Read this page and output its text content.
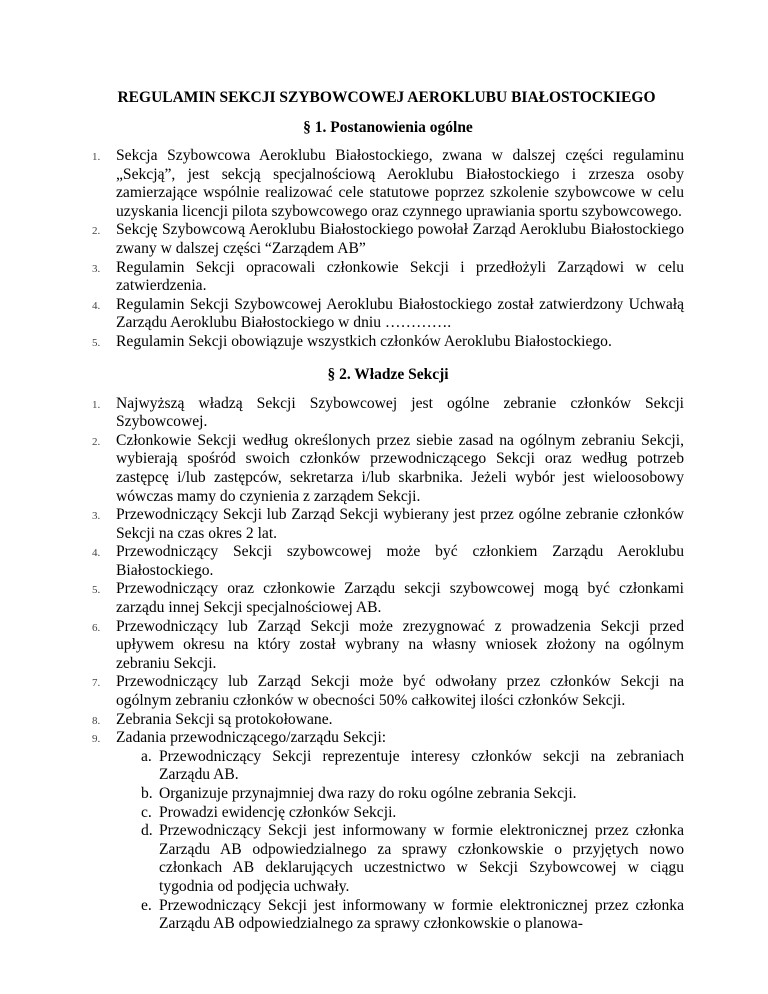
REGULAMIN SEKCJI SZYBOWCOWEJ AEROKLUBU BIAŁOSTOCKIEGO
§ 1. Postanowienia ogólne
1.	Sekcja Szybowcowa Aeroklubu Białostockiego, zwana w dalszej części regulaminu „Sekcją”, jest sekcją specjalnościową Aeroklubu Białostockiego i zrzesza osoby zamierzające wspólnie realizować cele statutowe poprzez szkolenie szybowcowe w celu uzyskania licencji pilota szybowcowego oraz czynnego uprawiania sportu szybowcowego.
2.	Sekcję Szybowcową Aeroklubu Białostockiego powołał Zarząd Aeroklubu Białostockiego zwany w dalszej części “Zarządem AB”
3.	Regulamin Sekcji opracowali członkowie Sekcji i przedłożyli Zarządowi w celu zatwierdzenia.
4.	Regulamin Sekcji Szybowcowej Aeroklubu Białostockiego został zatwierdzony Uchwałą Zarządu Aeroklubu Białostockiego w dniu ………….
5.	Regulamin Sekcji obowiązuje wszystkich członków Aeroklubu Białostockiego.
§ 2. Władze Sekcji
1.	Najwyższą władzą Sekcji Szybowcowej jest ogólne zebranie członków Sekcji Szybowcowej.
2.	Członkowie Sekcji według określonych przez siebie zasad na ogólnym zebraniu Sekcji, wybierają spośród swoich członków przewodniczącego Sekcji oraz według potrzeb zastępcę i/lub zastępców, sekretarza i/lub skarbnika. Jeżeli wybór jest wieloosobowy wówczas mamy do czynienia z zarządem Sekcji.
3.	Przewodniczący Sekcji lub Zarząd Sekcji wybierany jest przez ogólne zebranie członków Sekcji na czas okres 2 lat.
4.	Przewodniczący Sekcji szybowcowej może być członkiem Zarządu Aeroklubu Białostockiego.
5.	Przewodniczący oraz członkowie Zarządu sekcji szybowcowej mogą być członkami zarządu innej Sekcji specjalnościowej AB.
6.	Przewodniczący lub Zarząd Sekcji może zrezygnować z prowadzenia Sekcji przed upływem okresu na który został wybrany na własny wniosek złożony na ogólnym zebraniu Sekcji.
7.	Przewodniczący lub Zarząd Sekcji może być odwołany przez członków Sekcji na ogólnym zebraniu członków w obecności 50% całkowitej ilości członków Sekcji.
8.	Zebrania Sekcji są protokołowane.
9.	Zadania przewodniczącego/zarządu Sekcji:
a. Przewodniczący Sekcji reprezentuje interesy członków sekcji na zebraniach Zarządu AB.
b. Organizuje przynajmniej dwa razy do roku ogólne zebrania Sekcji.
c. Prowadzi ewidencję członków Sekcji.
d. Przewodniczący Sekcji jest informowany w formie elektronicznej przez członka Zarządu AB odpowiedzialnego za sprawy członkowskie o przyjętych nowo członkach AB deklarujących uczestnictwo w Sekcji Szybowcowej w ciągu tygodnia od podjęcia uchwały.
e. Przewodniczący Sekcji jest informowany w formie elektronicznej przez członka Zarządu AB odpowiedzialnego za sprawy członkowskie o planowa-
